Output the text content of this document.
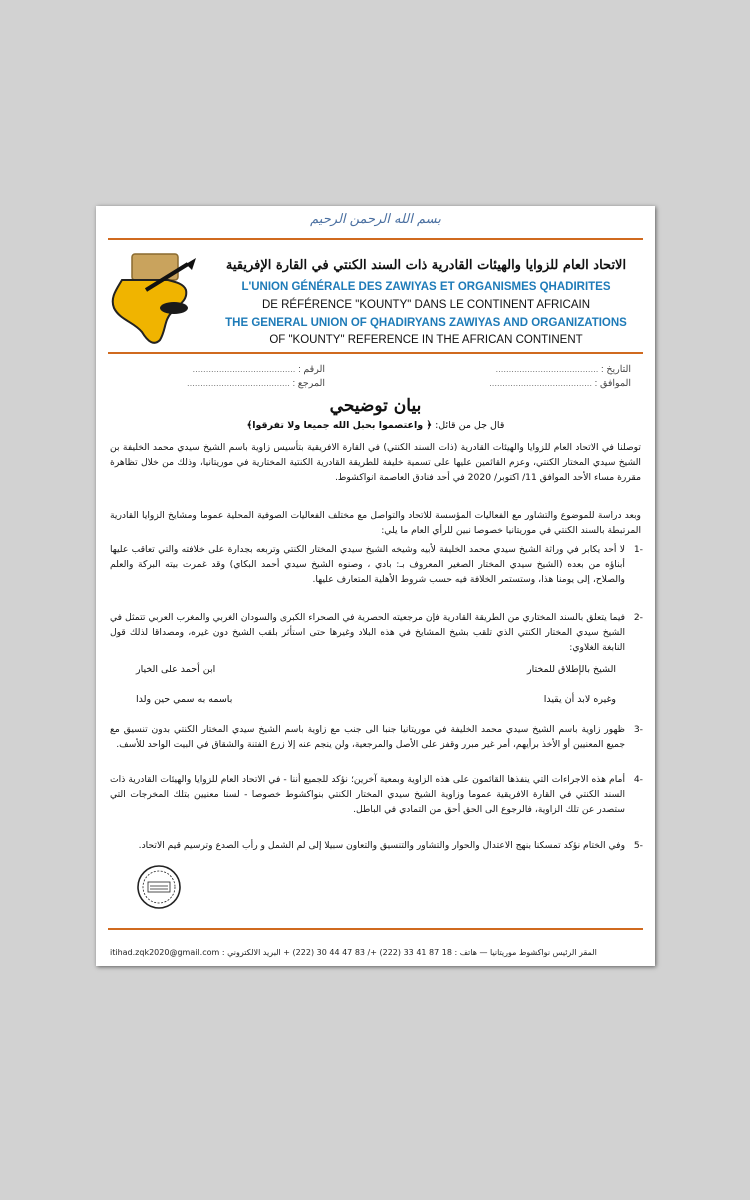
بسم الله الرحمن الرحيم
الاتحاد العام للزوايا والهيئات القادرية ذات السند الكنتي في القارة الإفريقية
L'UNION GÉNÉRALE DES ZAWIYAS ET ORGANISMES QHADIRITES
DE RÉFÉRENCE "KOUNTY" DANS LE CONTINENT AFRICAIN
THE GENERAL UNION OF QHADIRYANS ZAWIYAS AND ORGANIZATIONS
OF "KOUNTY" REFERENCE IN THE AFRICAN CONTINENT
التاريخ : .......................................
الموافق : .......................................
الرقم : .......................................
المرجع : .......................................
بيان توضيحي
قال جل من قائل: ﴿ واعتصموا بحبل الله جميعا ولا تفرقوا﴾
توصلنا في الاتحاد العام للزوايا والهيئات القادرية (ذات السند الكنتي) في القارة الافريقية بتأسيس زاوية باسم الشيخ سيدي محمد الخليفة بن الشيخ سيدي المختار الكنتي، وعزم القائمين عليها على تسمية خليفة للطريقة القادرية الكنتية المختارية في موريتانيا، وذلك من خلال تظاهرة مقررة مساء الأحد الموافق 11/ اكتوبر/ 2020 في أحد فنادق العاصمة انواكشوط.
وبعد دراسة للموضوع والتشاور مع الفعاليات المؤسسة للاتحاد والتواصل مع مختلف الفعاليات الصوفية المحلية عموما ومشايخ الزوايا القادرية المرتبطة بالسند الكنتي في موريتانيا خصوصا نبين للرأي العام ما يلي:
-1
لا أحد يكابر في وراثة الشيخ سيدي محمد الخليفة لأبيه وشيخه الشيخ سيدي المختار الكنتي وتربعه بجدارة على خلافته والتي تعاقب عليها أبناؤه من بعده (الشيخ سيدي المختار الصغير المعروف بـ: بادي ، وصنوه الشيخ سيدي أحمد البكاي) وقد غمرت بيته البركة والعلم والصلاح، إلى يومنا هذا، وستستمر الخلافة فيه حسب شروط الأهلية المتعارف عليها.
-2
فيما يتعلق بالسند المختاري من الطريقة القادرية فإن مرجعيته الحصرية في الصحراء الكبرى والسودان الغربي والمغرب العربي تتمثل في الشيخ سيدي المختار الكنتي الذي تلقب بشيخ المشايخ في هذه البلاد وغيرها حتى استأثر بلقب الشيخ دون غيره، ومصداقا لذلك قول النابغة الغلاوي:
الشيخ بالإطلاق للمختار
ابن أحمد على الخيار
وغيره لابد أن يقيدا
باسمه به سمي حين ولدا
-3
ظهور زاوية باسم الشيخ سيدي محمد الخليفة في موريتانيا جنبا الى جنب مع زاوية باسم الشيخ سيدي المختار الكنتي بدون تنسيق مع جميع المعنيين أو الأخذ برأيهم، أمر غير مبرر وقفز على الأصل والمرجعية، ولن ينجم عنه إلا زرع الفتنة والشقاق في البيت الواحد للأسف.
-4
أمام هذه الاجراءات التي ينفذها القائمون على هذه الزاوية وبمعية آخرين؛ نؤكد للجميع أننا - في الاتحاد العام للزوايا والهيئات القادرية ذات السند الكنتي في القارة الافريقية عموما وزاوية الشيخ سيدي المختار الكنتي بنواكشوط خصوصا - لسنا معنيين بتلك المخرجات التي ستصدر عن تلك الزاوية، فالرجوع الى الحق أحق من التمادي في الباطل.
-5
وفي الختام نؤكد تمسكنا بنهج الاعتدال والحوار والتشاور والتنسيق والتعاون سبيلا إلى لم الشمل و رأب الصدع وترسيم قيم الاتحاد.
المقر الرئيس نواكشوط موريتانيا — هاتف : 18 87 41 33 (222) +/ 83 47 44 30 (222) + البريد الالكتروني : itihad.zqk2020@gmail.com
